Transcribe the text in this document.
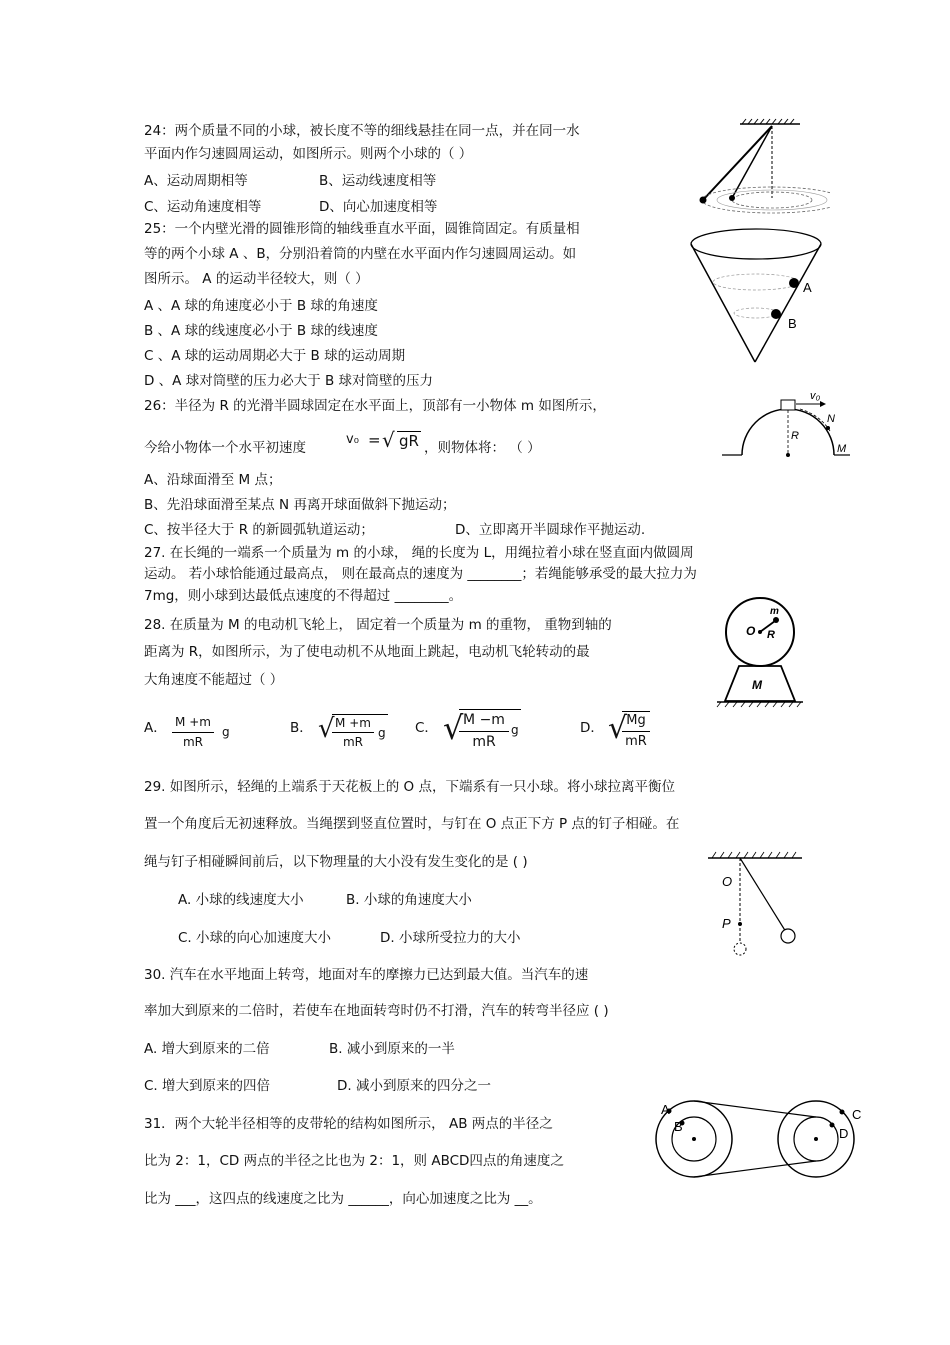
24：两个质量不同的小球，被长度不等的细线悬挂在同一点，并在同一水
平面内作匀速圆周运动，如图所示。则两个小球的（ ）
A、运动周期相等	B、运动线速度相等
C、运动角速度相等	D、向心加速度相等
25：一个内壁光滑的圆锥形筒的轴线垂直水平面，圆锥筒固定。有质量相
等的两个小球 A 、B，分别沿着筒的内壁在水平面内作匀速圆周运动。如
图所示。 A 的运动半径较大，则（ ）
A 、A 球的角速度必小于 B 球的角速度
B 、A 球的线速度必小于 B 球的线速度
C 、A 球的运动周期必大于 B 球的运动周期
D 、A 球对筒壁的压力必大于 B 球对筒壁的压力
A
B
26：半径为 R 的光滑半圆球固定在水平面上，顶部有一小物体 m 如图所示，
今给小物体一个水平初速度
v₀ = √ gR ，则物体将： （ ）
A、沿球面滑至 M 点；
B、先沿球面滑至某点 N 再离开球面做斜下抛运动；
C、按半径大于 R 的新圆弧轨道运动；	D、立即离开半圆球作平抛运动.
v₀
N
R
M
27. 在长绳的一端系一个质量为 m 的小球， 绳的长度为 L，用绳拉着小球在竖直面内做圆周
运动。 若小球恰能通过最高点， 则在最高点的速度为 ________；若绳能够承受的最大拉力为
7mg，则小球到达最低点速度的不得超过 ________。
28. 在质量为 M 的电动机飞轮上， 固定着一个质量为 m 的重物， 重物到轴的
距离为 R，如图所示，为了使电动机不从地面上跳起，电动机飞轮转动的最
大角速度不能超过（ ）
O
m
R
M
A． M +m
mR
g	B． √ M +m
mR
g C． √ M −m
mR
g	D． √ Mg
mR
29. 如图所示，轻绳的上端系于天花板上的 O 点，下端系有一只小球。将小球拉离平衡位
置一个角度后无初速释放。当绳摆到竖直位置时，与钉在 O 点正下方 P 点的钉子相碰。在
绳与钉子相碰瞬间前后，以下物理量的大小没有发生变化的是 ( )
A. 小球的线速度大小	B. 小球的角速度大小
C. 小球的向心加速度大小	D. 小球所受拉力的大小
O
P
30. 汽车在水平地面上转弯，地面对车的摩擦力已达到最大值。当汽车的速
率加大到原来的二倍时，若使车在地面转弯时仍不打滑，汽车的转弯半径应 ( )
A. 增大到原来的二倍	B. 减小到原来的一半
C. 增大到原来的四倍	D. 减小到原来的四分之一
31．两个大轮半径相等的皮带轮的结构如图所示， AB 两点的半径之
比为 2：1，CD 两点的半径之比也为 2：1，则 ABCD四点的角速度之
比为 ___，这四点的线速度之比为 ______，向心加速度之比为 __。
A
B
C
D
